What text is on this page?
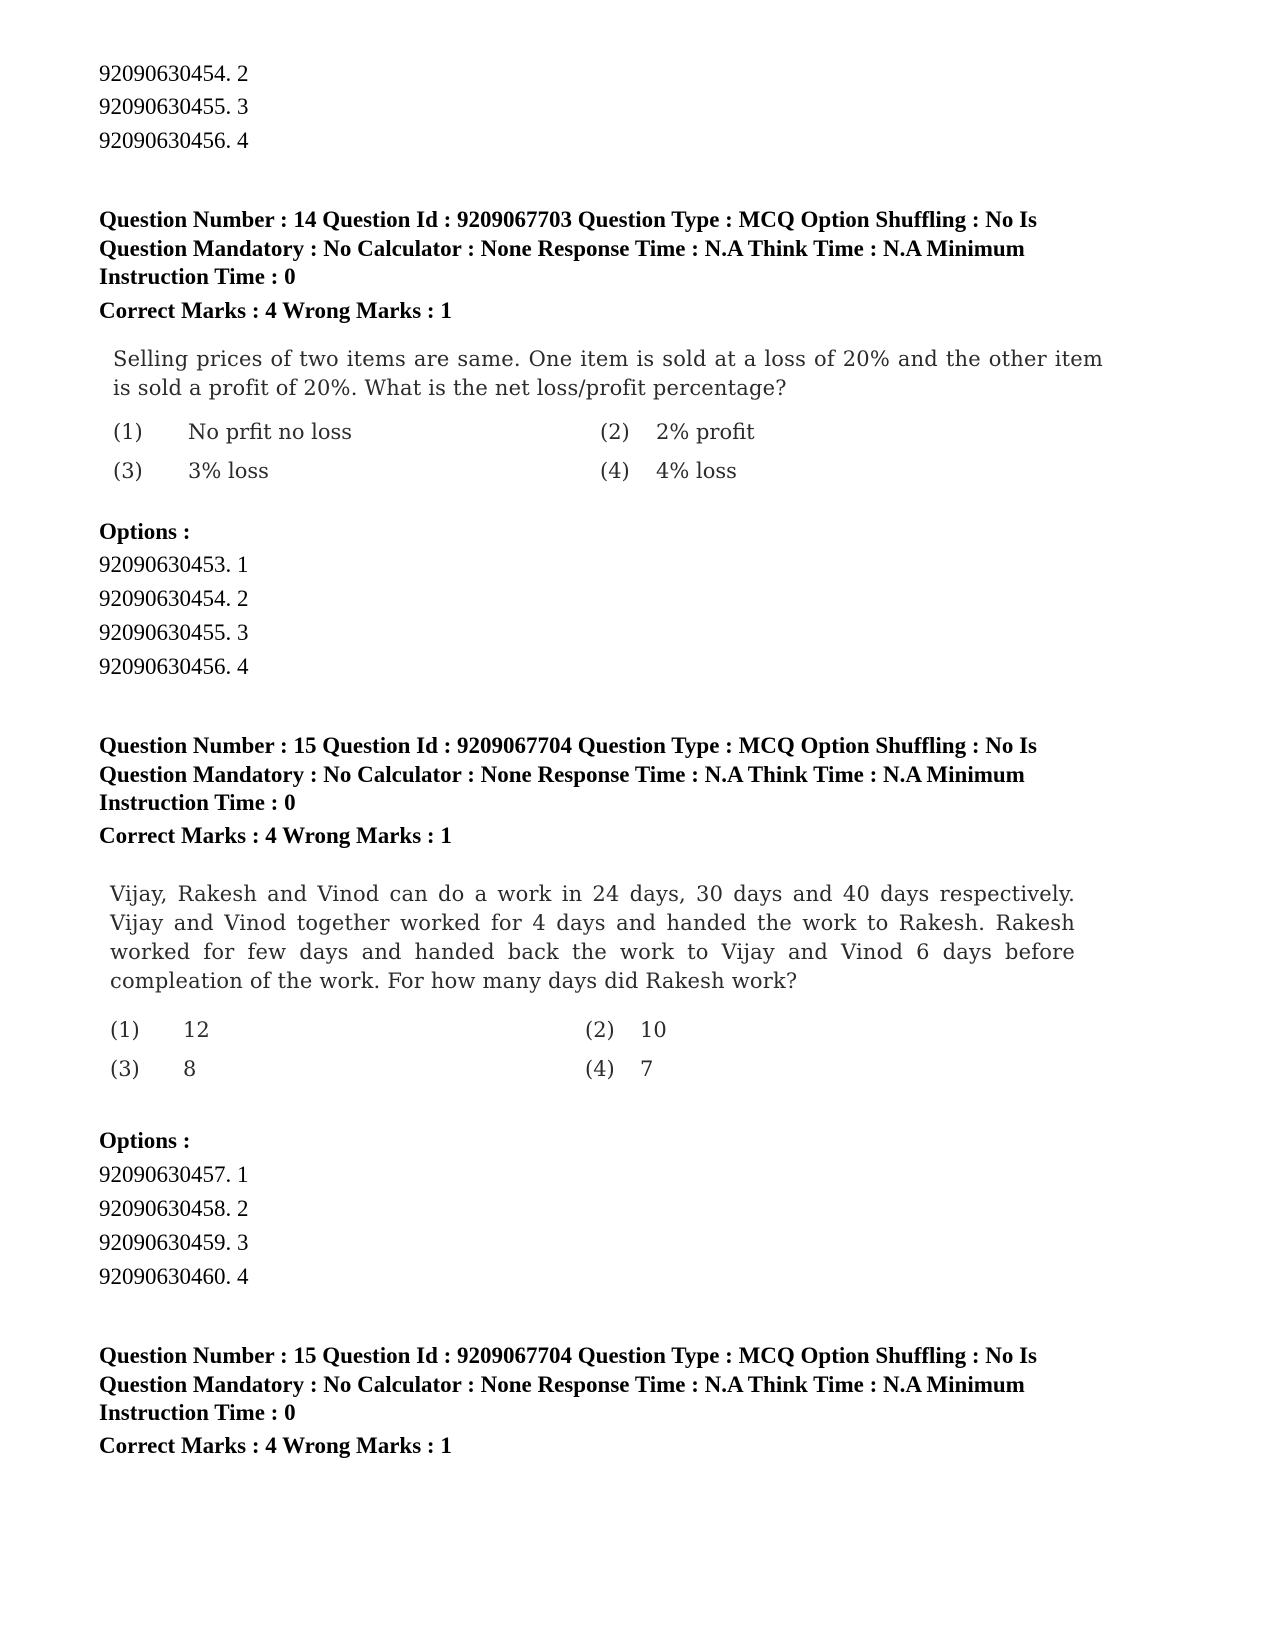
92090630454. 2
92090630455. 3
92090630456. 4
Question Number : 14 Question Id : 9209067703 Question Type : MCQ Option Shuffling : No Is Question Mandatory : No Calculator : None Response Time : N.A Think Time : N.A Minimum Instruction Time : 0
Correct Marks : 4 Wrong Marks : 1
Selling prices of two items are same. One item is sold at a loss of 20% and the other item is sold a profit of 20%. What is the net loss/profit percentage?
(1) No prfit no loss	(2) 2% profit
(3) 3% loss	(4) 4% loss
Options :
92090630453. 1
92090630454. 2
92090630455. 3
92090630456. 4
Question Number : 15 Question Id : 9209067704 Question Type : MCQ Option Shuffling : No Is Question Mandatory : No Calculator : None Response Time : N.A Think Time : N.A Minimum Instruction Time : 0
Correct Marks : 4 Wrong Marks : 1
Vijay, Rakesh and Vinod can do a work in 24 days, 30 days and 40 days respectively. Vijay and Vinod together worked for 4 days and handed the work to Rakesh. Rakesh worked for few days and handed back the work to Vijay and Vinod 6 days before compleation of the work. For how many days did Rakesh work?
(1) 12	(2) 10
(3) 8	(4) 7
Options :
92090630457. 1
92090630458. 2
92090630459. 3
92090630460. 4
Question Number : 15 Question Id : 9209067704 Question Type : MCQ Option Shuffling : No Is Question Mandatory : No Calculator : None Response Time : N.A Think Time : N.A Minimum Instruction Time : 0
Correct Marks : 4 Wrong Marks : 1
